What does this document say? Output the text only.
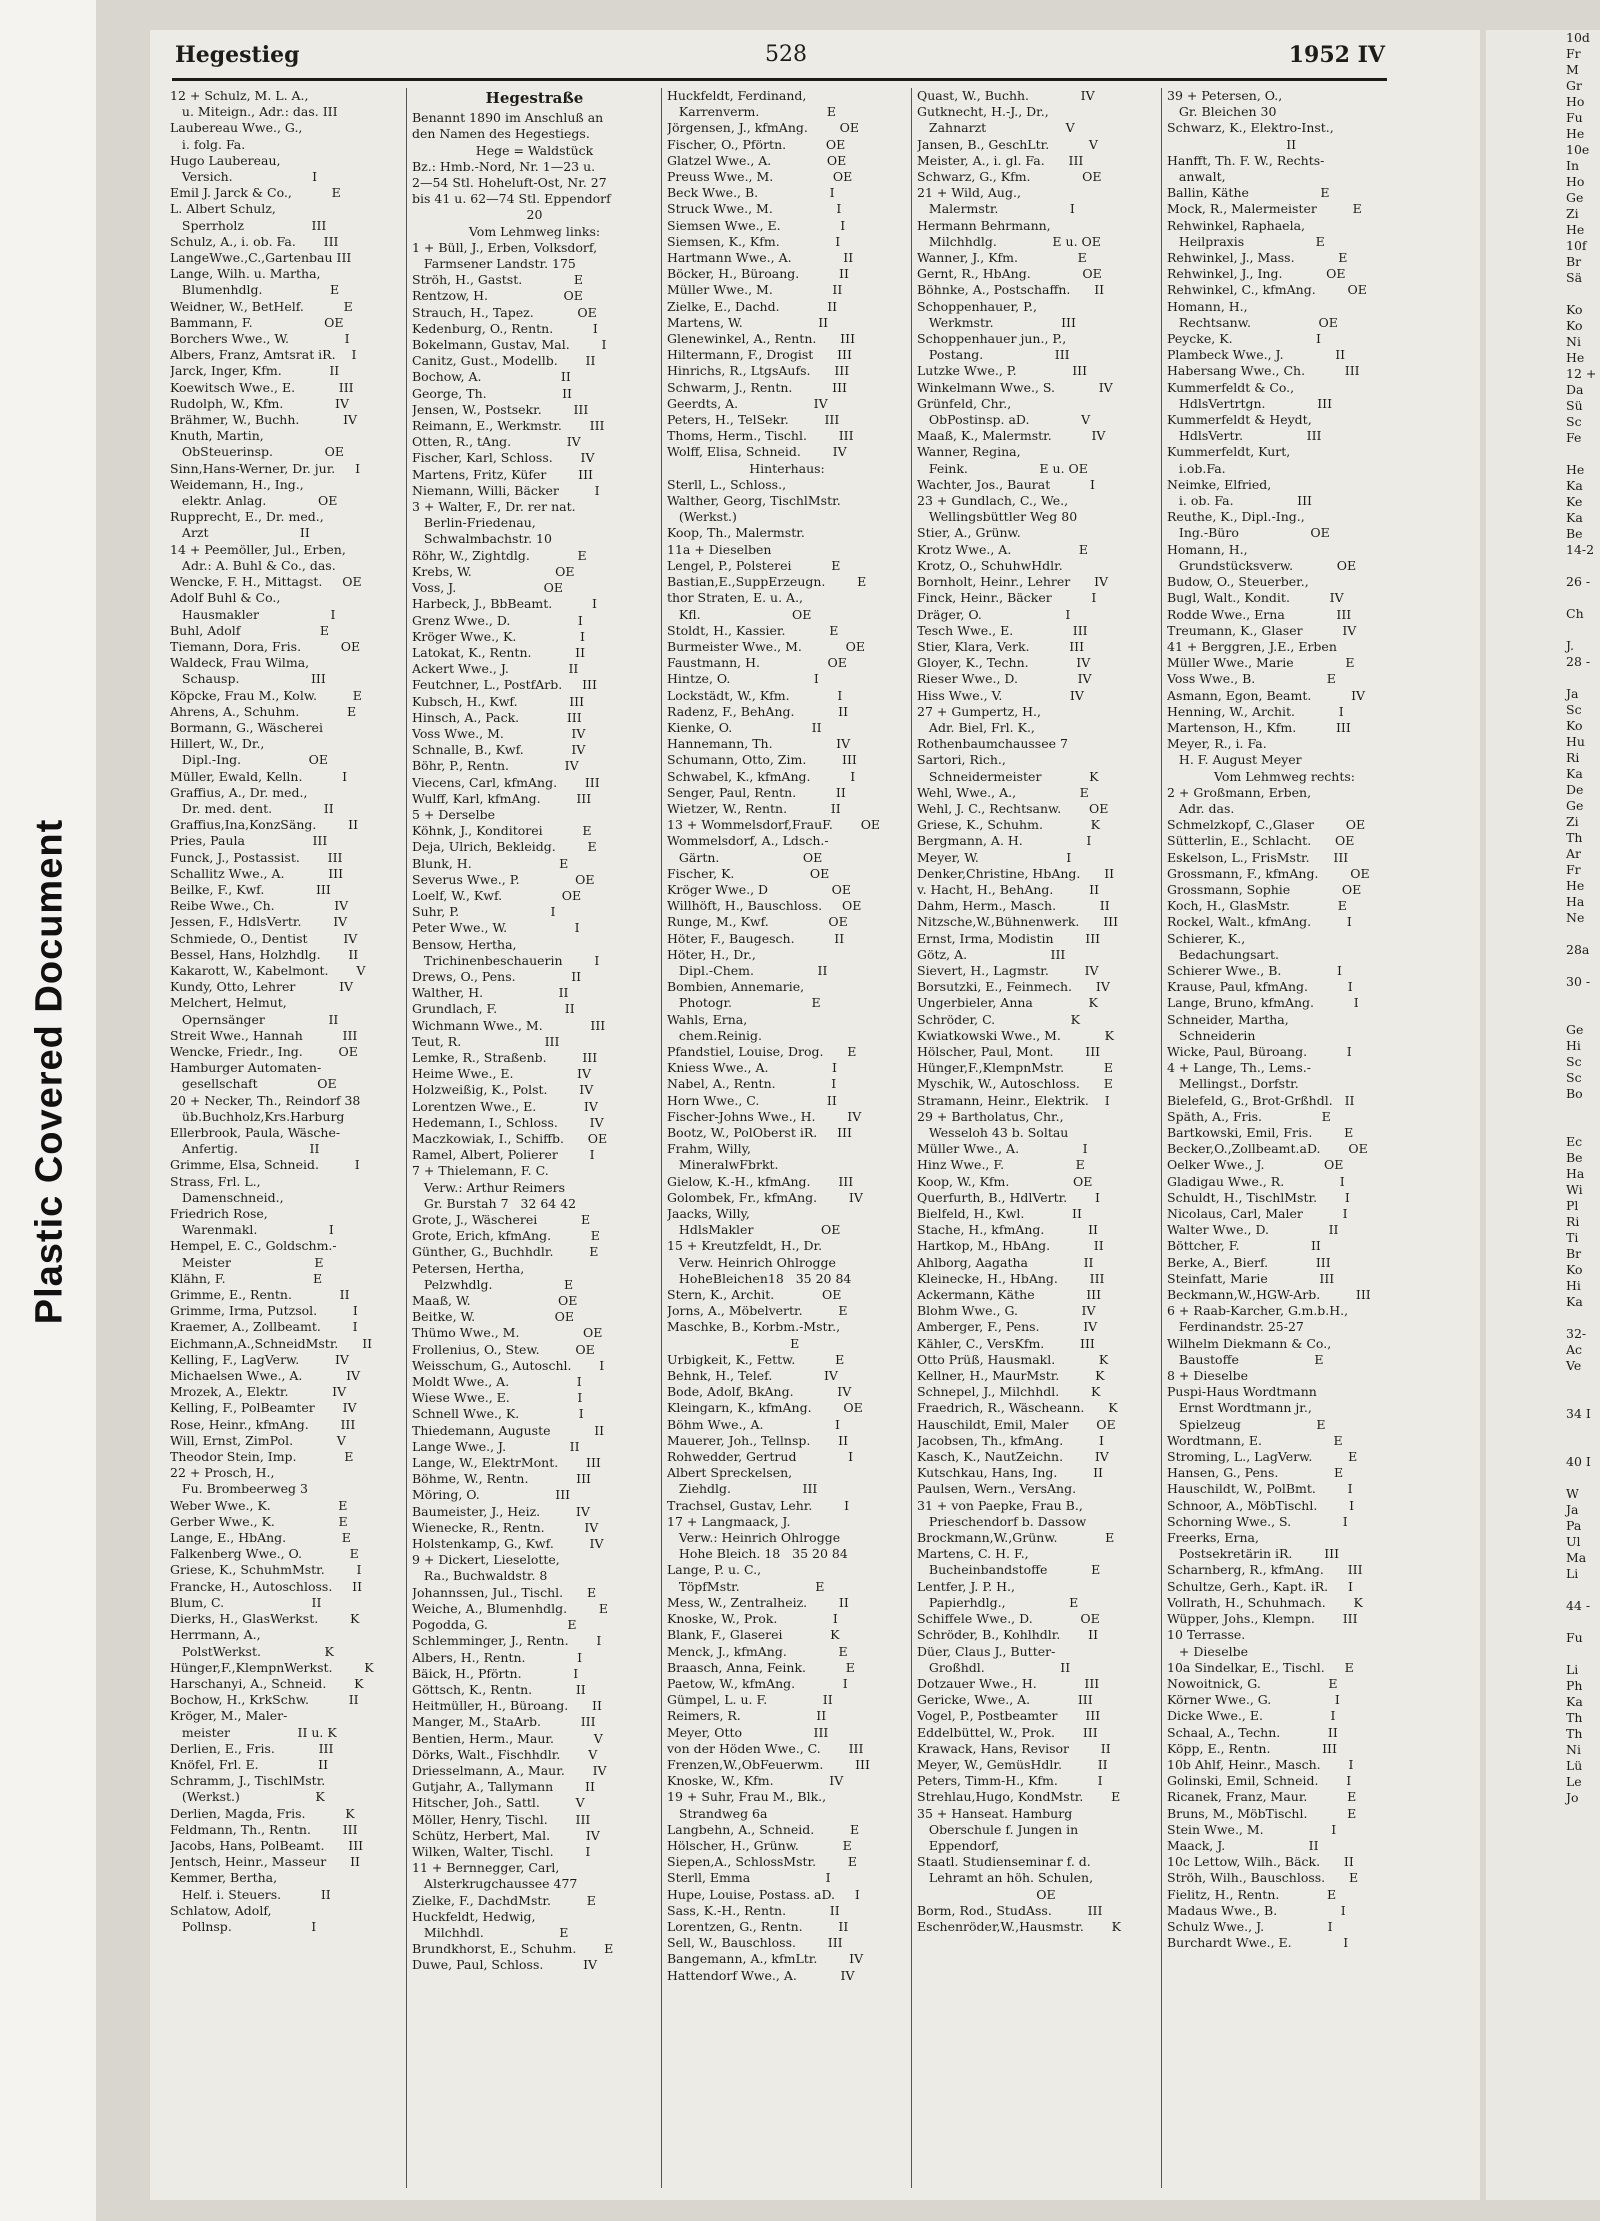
Plastic Covered Document
10d
Fr
M
Gr
Ho
Fu
He
10e
In
Ho
Ge
Zi
He
10f
Br
Sä

Ko
Ko
Ni
He
12 +
Da
Sü
Sc
Fe

He
Ka
Ke
Ka
Be
14-2

26 -

Ch

J.
28 -

Ja
Sc
Ko
Hu
Ri
Ka
De
Ge
Zi
Th
Ar
Fr
He
Ha
Ne

28a

30 -

Ge
Hi
Sc
Sc
Bo

Ec
Be
Ha
Wi
Pl
Ri
Ti
Br
Ko
Hi
Ka

32-
Ac
Ve

34 I

40 I

W
Ja
Pa
Ul
Ma
Li

44 -

Fu

Li
Ph
Ka
Th
Th
Ni
Lü
Le
Jo
Hegestieg	528	1952 IV
12 + Schulz, M. L. A.,
u. Miteign., Adr.: das. III
Laubereau Wwe., G.,
i. folg. Fa.
Hugo Laubereau,
Versich.                    I
Emil J. Jarck & Co.,          E
L. Albert Schulz,
Sperrholz                 III
Schulz, A., i. ob. Fa.       III
LangeWwe.,C.,Gartenbau III
Lange, Wilh. u. Martha,
Blumenhdlg.                 E
Weidner, W., BetHelf.          E
Bammann, F.                  OE
Borchers Wwe., W.              I
Albers, Franz, Amtsrat iR.    I
Jarck, Inger, Kfm.            II
Koewitsch Wwe., E.           III
Rudolph, W., Kfm.             IV
Brähmer, W., Buchh.           IV
Knuth, Martin,
ObSteuerinsp.             OE
Sinn,Hans-Werner, Dr. jur.     I
Weidemann, H., Ing.,
elektr. Anlag.             OE
Rupprecht, E., Dr. med.,
Arzt                       II
14 + Peemöller, Jul., Erben,
Adr.: A. Buhl & Co., das.
Wencke, F. H., Mittagst.     OE
Adolf Buhl & Co.,
Hausmakler                  I
Buhl, Adolf                    E
Tiemann, Dora, Fris.          OE
Waldeck, Frau Wilma,
Schausp.                  III
Köpcke, Frau M., Kolw.         E
Ahrens, A., Schuhm.            E
Bormann, G., Wäscherei
Hillert, W., Dr.,
Dipl.-Ing.                 OE
Müller, Ewald, Kelln.          I
Graffius, A., Dr. med.,
Dr. med. dent.             II
Graffius,Ina,KonzSäng.        II
Pries, Paula                 III
Funck, J., Postassist.       III
Schallitz Wwe., A.           III
Beilke, F., Kwf.             III
Reibe Wwe., Ch.               IV
Jessen, F., HdlsVertr.        IV
Schmiede, O., Dentist         IV
Bessel, Hans, Holzhdlg.       II
Kakarott, W., Kabelmont.       V
Kundy, Otto, Lehrer           IV
Melchert, Helmut,
Opernsänger                II
Streit Wwe., Hannah          III
Wencke, Friedr., Ing.         OE
Hamburger Automaten-
gesellschaft               OE
20 + Necker, Th., Reindorf 38
üb.Buchholz,Krs.Harburg
Ellerbrook, Paula, Wäsche-
Anfertig.                  II
Grimme, Elsa, Schneid.         I
Strass, Frl. L.,
Damenschneid.,
Friedrich Rose,
Warenmakl.                  I
Hempel, E. C., Goldschm.-
Meister                     E
Klähn, F.                      E
Grimme, E., Rentn.            II
Grimme, Irma, Putzsol.         I
Kraemer, A., Zollbeamt.        I
Eichmann,A.,SchneidMstr.      II
Kelling, F., LagVerw.         IV
Michaelsen Wwe., A.           IV
Mrozek, A., Elektr.           IV
Kelling, F., PolBeamter       IV
Rose, Heinr., kfmAng.        III
Will, Ernst, ZimPol.           V
Theodor Stein, Imp.            E
22 + Prosch, H.,
Fu. Brombeerweg 3
Weber Wwe., K.                 E
Gerber Wwe., K.                E
Lange, E., HbAng.              E
Falkenberg Wwe., O.            E
Griese, K., SchuhmMstr.        I
Francke, H., Autoschloss.     II
Blum, C.                      II
Dierks, H., GlasWerkst.        K
Herrmann, A.,
PolstWerkst.                K
Hünger,F.,KlempnWerkst.        K
Harschanyi, A., Schneid.       K
Bochow, H., KrkSchw.          II
Kröger, M., Maler-
meister                 II u. K
Derlien, E., Fris.           III
Knöfel, Frl. E.               II
Schramm, J., TischlMstr.
(Werkst.)                   K
Derlien, Magda, Fris.          K
Feldmann, Th., Rentn.        III
Jacobs, Hans, PolBeamt.      III
Jentsch, Heinr., Masseur      II
Kemmer, Bertha,
Helf. i. Steuers.          II
Schlatow, Adolf,
Pollnsp.                    I
Hegestraße
Benannt 1890 im Anschluß an
den Namen des Hegestiegs.
Hege = Waldstück
Bz.: Hmb.-Nord, Nr. 1—23 u.
2—54 Stl. Hoheluft-Ost, Nr. 27
bis 41 u. 62—74 Stl. Eppendorf
20
Vom Lehmweg links:
1 + Büll, J., Erben, Volksdorf,
Farmsener Landstr. 175
Ströh, H., Gastst.             E
Rentzow, H.                   OE
Strauch, H., Tapez.           OE
Kedenburg, O., Rentn.          I
Bokelmann, Gustav, Mal.        I
Canitz, Gust., Modellb.       II
Bochow, A.                    II
George, Th.                   II
Jensen, W., Postsekr.        III
Reimann, E., Werkmstr.       III
Otten, R., tAng.              IV
Fischer, Karl, Schloss.       IV
Martens, Fritz, Küfer        III
Niemann, Willi, Bäcker         I
3 + Walter, F., Dr. rer nat.
Berlin-Friedenau,
Schwalmbachstr. 10
Röhr, W., Zightdlg.            E
Krebs, W.                     OE
Voss, J.                      OE
Harbeck, J., BbBeamt.          I
Grenz Wwe., D.                 I
Kröger Wwe., K.                I
Latokat, K., Rentn.           II
Ackert Wwe., J.               II
Feutchner, L., PostfArb.     III
Kubsch, H., Kwf.             III
Hinsch, A., Pack.            III
Voss Wwe., M.                 IV
Schnalle, B., Kwf.            IV
Böhr, P., Rentn.              IV
Viecens, Carl, kfmAng.       III
Wulff, Karl, kfmAng.         III
5 + Derselbe
Köhnk, J., Konditorei          E
Deja, Ulrich, Bekleidg.        E
Blunk, H.                      E
Severus Wwe., P.              OE
Loelf, W., Kwf.               OE
Suhr, P.                       I
Peter Wwe., W.                 I
Bensow, Hertha,
Trichinenbeschauerin        I
Drews, O., Pens.              II
Walther, H.                   II
Grundlach, F.                 II
Wichmann Wwe., M.            III
Teut, R.                     III
Lemke, R., Straßenb.         III
Heime Wwe., E.                IV
Holzweißig, K., Polst.        IV
Lorentzen Wwe., E.            IV
Hedemann, I., Schloss.        IV
Maczkowiak, I., Schiffb.      OE
Ramel, Albert, Polierer        I
7 + Thielemann, F. C.
Verw.: Arthur Reimers
Gr. Burstah 7   32 64 42
Grote, J., Wäscherei           E
Grote, Erich, kfmAng.          E
Günther, G., Buchhdlr.         E
Petersen, Hertha,
Pelzwhdlg.                  E
Maaß, W.                      OE
Beitke, W.                    OE
Thümo Wwe., M.                OE
Frollenius, O., Stew.         OE
Weisschum, G., Autoschl.       I
Moldt Wwe., A.                 I
Wiese Wwe., E.                 I
Schnell Wwe., K.               I
Thiedemann, Auguste           II
Lange Wwe., J.                II
Lange, W., ElektrMont.       III
Böhme, W., Rentn.            III
Möring, O.                   III
Baumeister, J., Heiz.         IV
Wienecke, R., Rentn.          IV
Holstenkamp, G., Kwf.         IV
9 + Dickert, Lieselotte,
Ra., Buchwaldstr. 8
Johannssen, Jul., Tischl.      E
Weiche, A., Blumenhdlg.        E
Pogodda, G.                    E
Schlemminger, J., Rentn.       I
Albers, H., Rentn.             I
Bäick, H., Pförtn.             I
Göttsch, K., Rentn.           II
Heitmüller, H., Büroang.      II
Manger, M., StaArb.          III
Bentien, Herm., Maur.          V
Dörks, Walt., Fischhdlr.       V
Driesselmann, A., Maur.       IV
Gutjahr, A., Tallymann        II
Hitscher, Joh., Sattl.         V
Möller, Henry, Tischl.       III
Schütz, Herbert, Mal.         IV
Wilken, Walter, Tischl.        I
11 + Bernnegger, Carl,
Alsterkrugchaussee 477
Zielke, F., DachdMstr.         E
Huckfeldt, Hedwig,
Milchhdl.                   E
Brundkhorst, E., Schuhm.       E
Duwe, Paul, Schloss.          IV
Huckfeldt, Ferdinand,
Karrenverm.                 E
Jörgensen, J., kfmAng.        OE
Fischer, O., Pförtn.          OE
Glatzel Wwe., A.              OE
Preuss Wwe., M.               OE
Beck Wwe., B.                  I
Struck Wwe., M.                I
Siemsen Wwe., E.               I
Siemsen, K., Kfm.              I
Hartmann Wwe., A.             II
Böcker, H., Büroang.          II
Müller Wwe., M.               II
Zielke, E., Dachd.            II
Martens, W.                   II
Glenewinkel, A., Rentn.      III
Hiltermann, F., Drogist      III
Hinrichs, R., LtgsAufs.      III
Schwarm, J., Rentn.          III
Geerdts, A.                   IV
Peters, H., TelSekr.         III
Thoms, Herm., Tischl.        III
Wolff, Elisa, Schneid.        IV
Hinterhaus:
Sterll, L., Schloss.,
Walther, Georg, TischlMstr.
(Werkst.)
Koop, Th., Malermstr.
11a + Dieselben
Lengel, P., Polsterei          E
Bastian,E.,SuppErzeugn.        E
thor Straten, E. u. A.,
Kfl.                       OE
Stoldt, H., Kassier.           E
Burmeister Wwe., M.           OE
Faustmann, H.                 OE
Hintze, O.                     I
Lockstädt, W., Kfm.            I
Radenz, F., BehAng.           II
Kienke, O.                    II
Hannemann, Th.                IV
Schumann, Otto, Zim.         III
Schwabel, K., kfmAng.          I
Senger, Paul, Rentn.          II
Wietzer, W., Rentn.           II
13 + Wommelsdorf,FrauF.       OE
Wommelsdorf, A., Ldsch.-
Gärtn.                     OE
Fischer, K.                   OE
Kröger Wwe., D                OE
Willhöft, H., Bauschloss.     OE
Runge, M., Kwf.               OE
Höter, F., Baugesch.          II
Höter, H., Dr.,
Dipl.-Chem.                II
Bombien, Annemarie,
Photogr.                    E
Wahls, Erna,
chem.Reinig.
Pfandstiel, Louise, Drog.      E
Kniess Wwe., A.                I
Nabel, A., Rentn.              I
Horn Wwe., C.                 II
Fischer-Johns Wwe., H.        IV
Bootz, W., PolOberst iR.     III
Frahm, Willy,
MineralwFbrkt.
Gielow, K.-H., kfmAng.       III
Golombek, Fr., kfmAng.        IV
Jaacks, Willy,
HdlsMakler                 OE
15 + Kreutzfeldt, H., Dr.
Verw. Heinrich Ohlrogge
HoheBleichen18   35 20 84
Stern, K., Archit.            OE
Jorns, A., Möbelvertr.         E
Maschke, B., Korbm.-Mstr.,
E
Urbigkeit, K., Fettw.          E
Behnk, H., Telef.             IV
Bode, Adolf, BkAng.           IV
Kleingarn, K., kfmAng.        OE
Böhm Wwe., A.                  I
Mauerer, Joh., Tellnsp.       II
Rohwedder, Gertrud             I
Albert Spreckelsen,
Ziehdlg.                  III
Trachsel, Gustav, Lehr.        I
17 + Langmaack, J.
Verw.: Heinrich Ohlrogge
Hohe Bleich. 18   35 20 84
Lange, P. u. C.,
TöpfMstr.                   E
Mess, W., Zentralheiz.        II
Knoske, W., Prok.              I
Blank, F., Glaserei            K
Menck, J., kfmAng.             E
Braasch, Anna, Feink.          E
Paetow, W., kfmAng.            I
Gümpel, L. u. F.              II
Reimers, R.                   II
Meyer, Otto                  III
von der Höden Wwe., C.       III
Frenzen,W.,ObFeuerwm.        III
Knoske, W., Kfm.              IV
19 + Suhr, Frau M., Blk.,
Strandweg 6a
Langbehn, A., Schneid.         E
Hölscher, H., Grünw.           E
Siepen,A., SchlossMstr.        E
Sterll, Emma                   I
Hupe, Louise, Postass. aD.     I
Sass, K.-H., Rentn.           II
Lorentzen, G., Rentn.         II
Sell, W., Bauschloss.        III
Bangemann, A., kfmLtr.        IV
Hattendorf Wwe., A.           IV
Quast, W., Buchh.             IV
Gutknecht, H.-J., Dr.,
Zahnarzt                    V
Jansen, B., GeschLtr.          V
Meister, A., i. gl. Fa.      III
Schwarz, G., Kfm.             OE
21 + Wild, Aug.,
Malermstr.                  I
Hermann Behrmann,
Milchhdlg.              E u. OE
Wanner, J., Kfm.               E
Gernt, R., HbAng.             OE
Böhnke, A., Postschaffn.      II
Schoppenhauer, P.,
Werkmstr.                 III
Schoppenhauer jun., P.,
Postang.                  III
Lutzke Wwe., P.              III
Winkelmann Wwe., S.           IV
Grünfeld, Chr.,
ObPostinsp. aD.             V
Maaß, K., Malermstr.          IV
Wanner, Regina,
Feink.                  E u. OE
Wachter, Jos., Baurat          I
23 + Gundlach, C., We.,
Wellingsbüttler Weg 80
Stier, A., Grünw.
Krotz Wwe., A.                 E
Krotz, O., SchuhwHdlr.
Bornholt, Heinr., Lehrer      IV
Finck, Heinr., Bäcker          I
Dräger, O.                     I
Tesch Wwe., E.               III
Stier, Klara, Verk.          III
Gloyer, K., Techn.            IV
Rieser Wwe., D.               IV
Hiss Wwe., V.                 IV
27 + Gumpertz, H.,
Adr. Biel, Frl. K.,
Rothenbaumchaussee 7
Sartori, Rich.,
Schneidermeister            K
Wehl, Wwe., A.,                E
Wehl, J. C., Rechtsanw.       OE
Griese, K., Schuhm.            K
Bergmann, A. H.                I
Meyer, W.                      I
Denker,Christine, HbAng.      II
v. Hacht, H., BehAng.         II
Dahm, Herm., Masch.           II
Nitzsche,W.,Bühnenwerk.      III
Ernst, Irma, Modistin        III
Götz, A.                     III
Sievert, H., Lagmstr.         IV
Borsutzki, E., Feinmech.      IV
Ungerbieler, Anna              K
Schröder, C.                   K
Kwiatkowski Wwe., M.           K
Hölscher, Paul, Mont.        III
Hünger,F.,KlempnMstr.          E
Myschik, W., Autoschloss.      E
Stramann, Heinr., Elektrik.    I
29 + Bartholatus, Chr.,
Wesseloh 43 b. Soltau
Müller Wwe., A.                I
Hinz Wwe., F.                  E
Koop, W., Kfm.                OE
Querfurth, B., HdlVertr.       I
Bielfeld, H., Kwl.            II
Stache, H., kfmAng.           II
Hartkop, M., HbAng.           II
Ahlborg, Aagatha              II
Kleinecke, H., HbAng.        III
Ackermann, Käthe             III
Blohm Wwe., G.                IV
Amberger, F., Pens.           IV
Kähler, C., VersKfm.         III
Otto Prüß, Hausmakl.           K
Kellner, H., MaurMstr.         K
Schnepel, J., Milchhdl.        K
Fraedrich, R., Wäscheann.      K
Hauschildt, Emil, Maler       OE
Jacobsen, Th., kfmAng.         I
Kasch, K., NautZeichn.        IV
Kutschkau, Hans, Ing.         II
Paulsen, Wern., VersAng.
31 + von Paepke, Frau B.,
Prieschendorf b. Dassow
Brockmann,W.,Grünw.            E
Martens, C. H. F.,
Bucheinbandstoffe           E
Lentfer, J. P. H.,
Papierhdlg.,                E
Schiffele Wwe., D.            OE
Schröder, B., Kohlhdlr.       II
Düer, Claus J., Butter-
Großhdl.                   II
Dotzauer Wwe., H.            III
Gericke, Wwe., A.            III
Vogel, P., Postbeamter       III
Eddelbüttel, W., Prok.       III
Krawack, Hans, Revisor        II
Meyer, W., GemüsHdlr.         II
Peters, Timm-H., Kfm.          I
Strehlau,Hugo, KondMstr.       E
35 + Hanseat. Hamburg
Oberschule f. Jungen in
Eppendorf,
Staatl. Studienseminar f. d.
Lehramt an höh. Schulen,
OE
Borm, Rod., StudAss.         III
Eschenröder,W.,Hausmstr.       K
39 + Petersen, O.,
Gr. Bleichen 30
Schwarz, K., Elektro-Inst.,
II
Hanfft, Th. F. W., Rechts-
anwalt,
Ballin, Käthe                  E
Mock, R., Malermeister         E
Rehwinkel, Raphaela,
Heilpraxis                  E
Rehwinkel, J., Mass.           E
Rehwinkel, J., Ing.           OE
Rehwinkel, C., kfmAng.        OE
Homann, H.,
Rechtsanw.                 OE
Peycke, K.                     I
Plambeck Wwe., J.             II
Habersang Wwe., Ch.          III
Kummerfeldt & Co.,
HdlsVertrtgn.             III
Kummerfeldt & Heydt,
HdlsVertr.                III
Kummerfeldt, Kurt,
i.ob.Fa.
Neimke, Elfried,
i. ob. Fa.                III
Reuthe, K., Dipl.-Ing.,
Ing.-Büro                  OE
Homann, H.,
Grundstücksverw.           OE
Budow, O., Steuerber.,
Bugl, Walt., Kondit.          IV
Rodde Wwe., Erna             III
Treumann, K., Glaser          IV
41 + Berggren, J.E., Erben
Müller Wwe., Marie             E
Voss Wwe., B.                  E
Asmann, Egon, Beamt.          IV
Henning, W., Archit.           I
Martenson, H., Kfm.          III
Meyer, R., i. Fa.
H. F. August Meyer
Vom Lehmweg rechts:
2 + Großmann, Erben,
Adr. das.
Schmelzkopf, C.,Glaser        OE
Sütterlin, E., Schlacht.      OE
Eskelson, L., FrisMstr.      III
Grossmann, F., kfmAng.        OE
Grossmann, Sophie             OE
Koch, H., GlasMstr.            E
Rockel, Walt., kfmAng.         I
Schierer, K.,
Bedachungsart.
Schierer Wwe., B.              I
Krause, Paul, kfmAng.          I
Lange, Bruno, kfmAng.          I
Schneider, Martha,
Schneiderin
Wicke, Paul, Büroang.          I
4 + Lange, Th., Lems.-
Mellingst., Dorfstr.
Bielefeld, G., Brot-Grßhdl.   II
Späth, A., Fris.               E
Bartkowski, Emil, Fris.        E
Becker,O.,Zollbeamt.aD.       OE
Oelker Wwe., J.               OE
Gladigau Wwe., R.              I
Schuldt, H., TischlMstr.       I
Nicolaus, Carl, Maler          I
Walter Wwe., D.               II
Böttcher, F.                  II
Berke, A., Bierf.            III
Steinfatt, Marie             III
Beckmann,W.,HGW-Arb.         III
6 + Raab-Karcher, G.m.b.H.,
Ferdinandstr. 25-27
Wilhelm Diekmann & Co.,
Baustoffe                   E
8 + Dieselbe
Puspi-Haus Wordtmann
Ernst Wordtmann jr.,
Spielzeug                   E
Wordtmann, E.                  E
Stroming, L., LagVerw.         E
Hansen, G., Pens.              E
Hauschildt, W., PolBmt.        I
Schnoor, A., MöbTischl.        I
Schorning Wwe., S.             I
Freerks, Erna,
Postsekretärin iR.        III
Scharnberg, R., kfmAng.      III
Schultze, Gerh., Kapt. iR.     I
Vollrath, H., Schuhmach.       K
Wüpper, Johs., Klempn.       III
10 Terrasse.
+ Dieselbe
10a Sindelkar, E., Tischl.     E
Nowoitnick, G.                 E
Körner Wwe., G.                I
Dicke Wwe., E.                 I
Schaal, A., Techn.            II
Köpp, E., Rentn.             III
10b Ahlf, Heinr., Masch.       I
Golinski, Emil, Schneid.       I
Ricanek, Franz, Maur.          E
Bruns, M., MöbTischl.          E
Stein Wwe., M.                 I
Maack, J.                     II
10c Lettow, Wilh., Bäck.      II
Ströh, Wilh., Bauschloss.      E
Fielitz, H., Rentn.            E
Madaus Wwe., B.                I
Schulz Wwe., J.                I
Burchardt Wwe., E.             I
